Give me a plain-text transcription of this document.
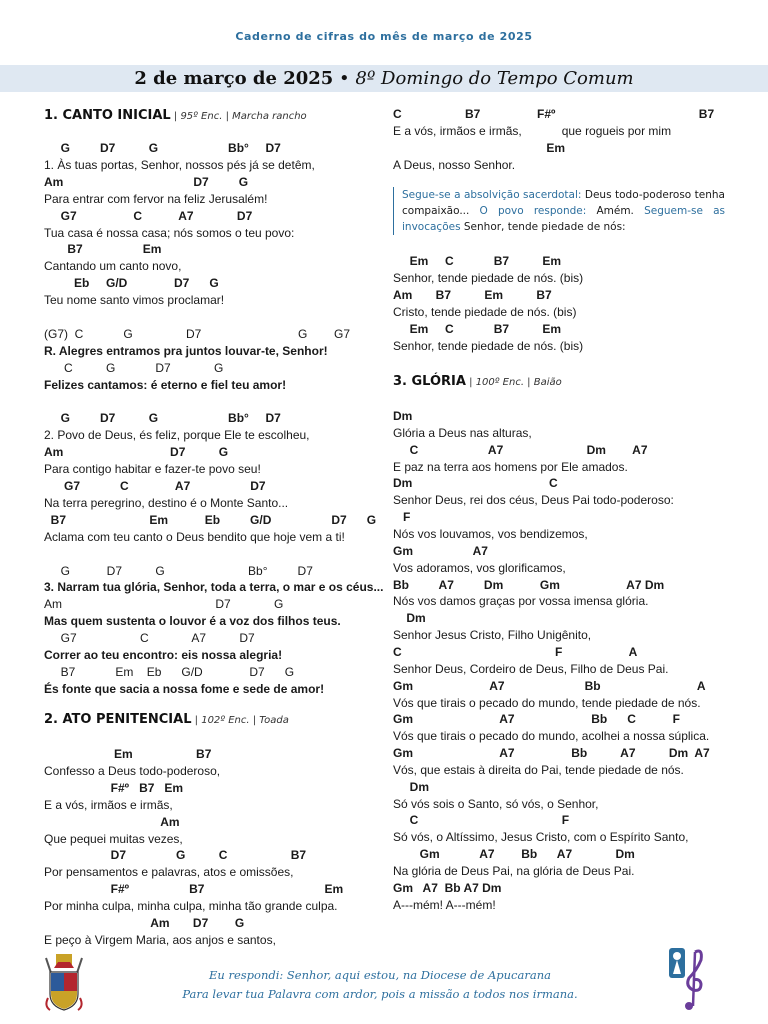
Caderno de cifras do mês de março de 2025
2 de março de 2025 • 8º Domingo do Tempo Comum
1. CANTO INICIAL | 95º Enc. | Marcha rancho
G         D7          G                     Bb°     D7
1. Às tuas portas, Senhor, nossos pés já se detêm,
Am                                       D7         G
Para entrar com fervor na feliz Jerusalém!
G7                 C           A7             D7
Tua casa é nossa casa; nós somos o teu povo:
B7                  Em
Cantando um canto novo,
Eb     G/D              D7      G
Teu nome santo vimos proclamar!
(G7)  C            G                D7                             G        G7
R. Alegres entramos pra juntos louvar-te, Senhor!
C          G            D7             G
Felizes cantamos: é eterno e fiel teu amor!
G         D7          G                     Bb°     D7
2. Povo de Deus, és feliz, porque Ele te escolheu,
Am                                D7          G
Para contigo habitar e fazer-te povo seu!
G7            C              A7                  D7
Na terra peregrino, destino é o Monte Santo...
B7                         Em           Eb         G/D                  D7      G
Aclama com teu canto o Deus bendito que hoje vem a ti!
G           D7          G                         Bb°         D7
3. Narram tua glória, Senhor, toda a terra, o mar e os céus...
Am                                              D7             G
Mas quem sustenta o louvor é a voz dos filhos teus.
G7                   C             A7          D7
Correr ao teu encontro: eis nossa alegria!
B7            Em    Eb      G/D              D7      G
És fonte que sacia a nossa fome e sede de amor!
2. ATO PENITENCIAL | 102º Enc. | Toada
Em                   B7
Confesso a Deus todo-poderoso,
F#º   B7   Em
E a vós, irmãos e irmãs,
Am
Que pequei muitas vezes,
D7               G          C                   B7
Por pensamentos e palavras, atos e omissões,
F#º                  B7                                    Em
Por minha culpa, minha culpa, minha tão grande culpa.
Am       D7        G
E peço à Virgem Maria, aos anjos e santos,
C                   B7                 F#º                                           B7
E a vós, irmãos e irmãs,            que rogueis por mim
Em
A Deus, nosso Senhor.
Segue-se a absolvição sacerdotal: Deus todo-poderoso tenha compaixão... O povo responde: Amém. Seguem-se as invocações Senhor, tende piedade de nós:
Em     C            B7          Em
Senhor, tende piedade de nós. (bis)
Am       B7          Em          B7
Cristo, tende piedade de nós. (bis)
Em     C            B7          Em
Senhor, tende piedade de nós. (bis)
3. GLÓRIA | 100º Enc. | Baião
Dm
Glória a Deus nas alturas,
C                     A7                         Dm        A7
E paz na terra aos homens por Ele amados.
Dm                                         C
Senhor Deus, rei dos céus, Deus Pai todo-poderoso:
F
Nós vos louvamos, vos bendizemos,
Gm                  A7
Vos adoramos, vos glorificamos,
Bb         A7         Dm           Gm                    A7 Dm
Nós vos damos graças por vossa imensa glória.
Dm
Senhor Jesus Cristo, Filho Unigênito,
C                                              F                    A
Senhor Deus, Cordeiro de Deus, Filho de Deus Pai.
Gm                       A7                        Bb                             A
Vós que tirais o pecado do mundo, tende piedade de nós.
Gm                          A7                       Bb      C           F
Vós que tirais o pecado do mundo, acolhei a nossa súplica.
Gm                          A7                 Bb          A7          Dm  A7
Vós, que estais à direita do Pai, tende piedade de nós.
Dm
Só vós sois o Santo, só vós, o Senhor,
C                                           F
Só vós, o Altíssimo, Jesus Cristo, com o Espírito Santo,
Gm            A7        Bb      A7             Dm
Na glória de Deus Pai, na glória de Deus Pai.
Gm   A7  Bb A7 Dm
A---mém! A---mém!
Eu respondi: Senhor, aqui estou, na Diocese de Apucarana
Para levar tua Palavra com ardor, pois a missão a todos nos irmana.
